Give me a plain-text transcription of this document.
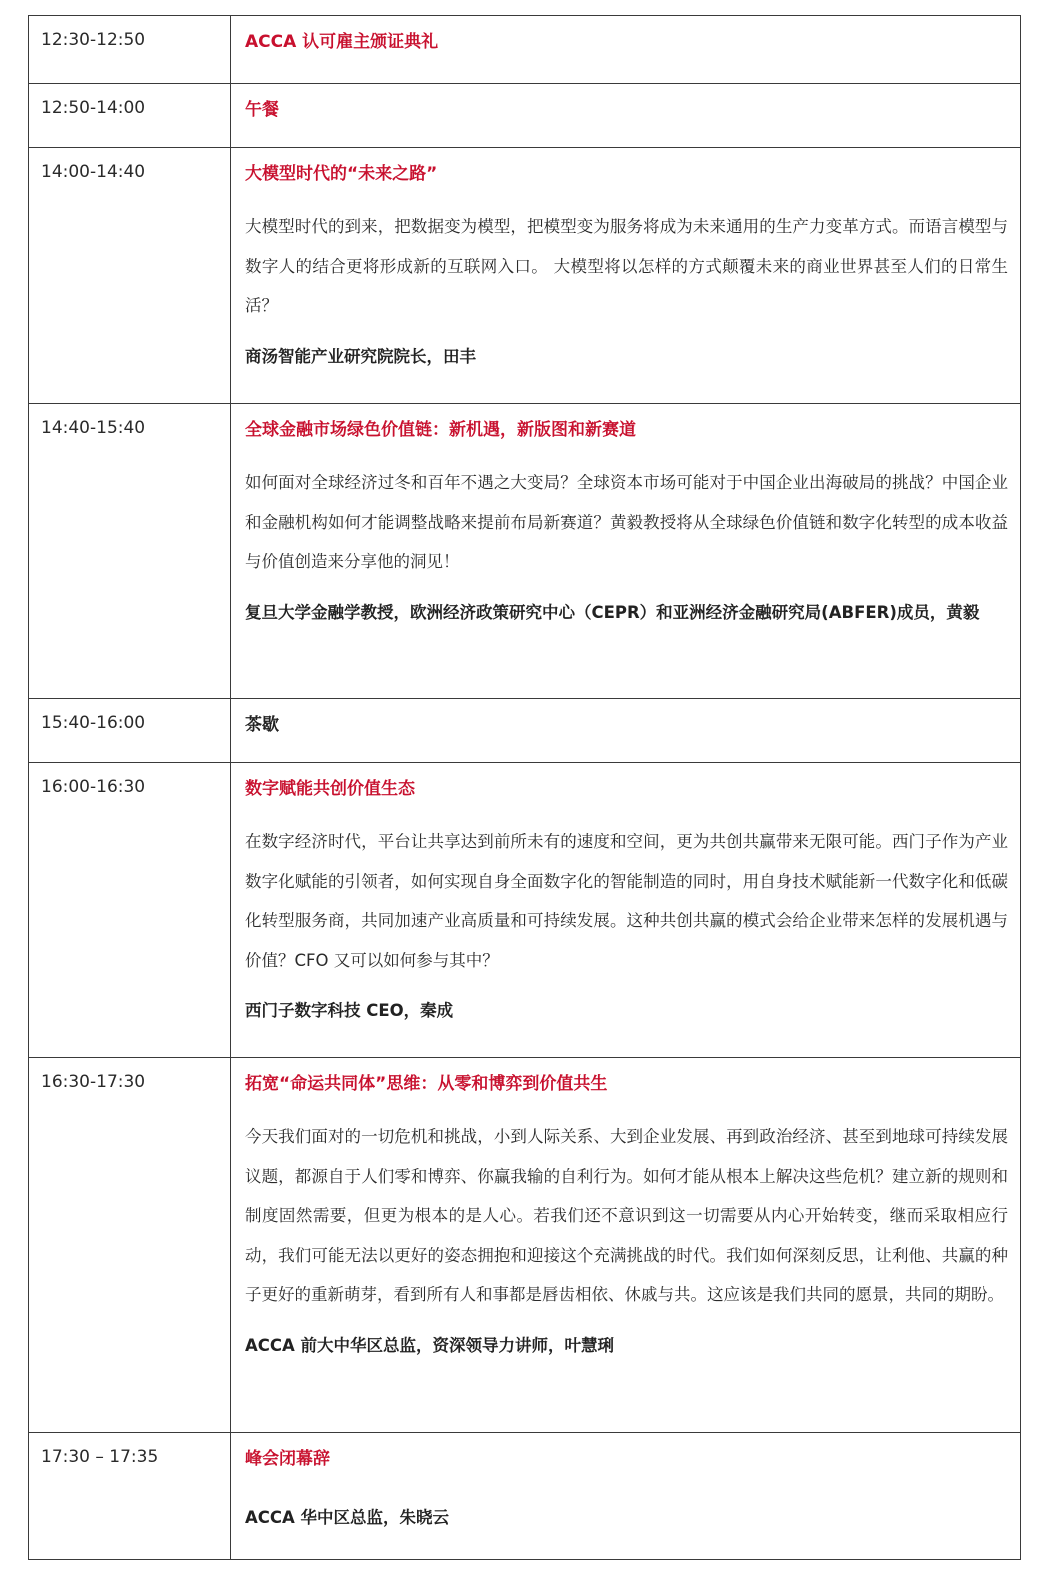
12:30-12:50	ACCA 认可雇主颁证典礼

12:50-14:00	午餐

14:00-14:40	大模型时代的“未来之路”

大模型时代的到来，把数据变为模型，把模型变为服务将成为未来通用的生产力变革方式。而语言模型与数字人的结合更将形成新的互联网入口。 大模型将以怎样的方式颠覆未来的商业世界甚至人们的日常生活？

商汤智能产业研究院院长，田丰

14:40-15:40	全球金融市场绿色价值链：新机遇，新版图和新赛道

如何面对全球经济过冬和百年不遇之大变局？全球资本市场可能对于中国企业出海破局的挑战？中国企业和金融机构如何才能调整战略来提前布局新赛道？黄毅教授将从全球绿色价值链和数字化转型的成本收益与价值创造来分享他的洞见！

复旦大学金融学教授，欧洲经济政策研究中心（CEPR）和亚洲经济金融研究局(ABFER)成员，黄毅

15:40-16:00	茶歇

16:00-16:30	数字赋能共创价值生态

在数字经济时代，平台让共享达到前所未有的速度和空间，更为共创共赢带来无限可能。西门子作为产业数字化赋能的引领者，如何实现自身全面数字化的智能制造的同时，用自身技术赋能新一代数字化和低碳化转型服务商，共同加速产业高质量和可持续发展。这种共创共赢的模式会给企业带来怎样的发展机遇与价值？CFO 又可以如何参与其中？

西门子数字科技 CEO，秦成

16:30-17:30	拓宽“命运共同体”思维：从零和博弈到价值共生

今天我们面对的一切危机和挑战，小到人际关系、大到企业发展、再到政治经济、甚至到地球可持续发展议题，都源自于人们零和博弈、你赢我输的自利行为。如何才能从根本上解决这些危机？建立新的规则和制度固然需要，但更为根本的是人心。若我们还不意识到这一切需要从内心开始转变，继而采取相应行动，我们可能无法以更好的姿态拥抱和迎接这个充满挑战的时代。我们如何深刻反思，让利他、共赢的种子更好的重新萌芽，看到所有人和事都是唇齿相依、休戚与共。这应该是我们共同的愿景，共同的期盼。

ACCA 前大中华区总监，资深领导力讲师，叶慧琍

17:30 – 17:35	峰会闭幕辞

ACCA 华中区总监，朱晓云
